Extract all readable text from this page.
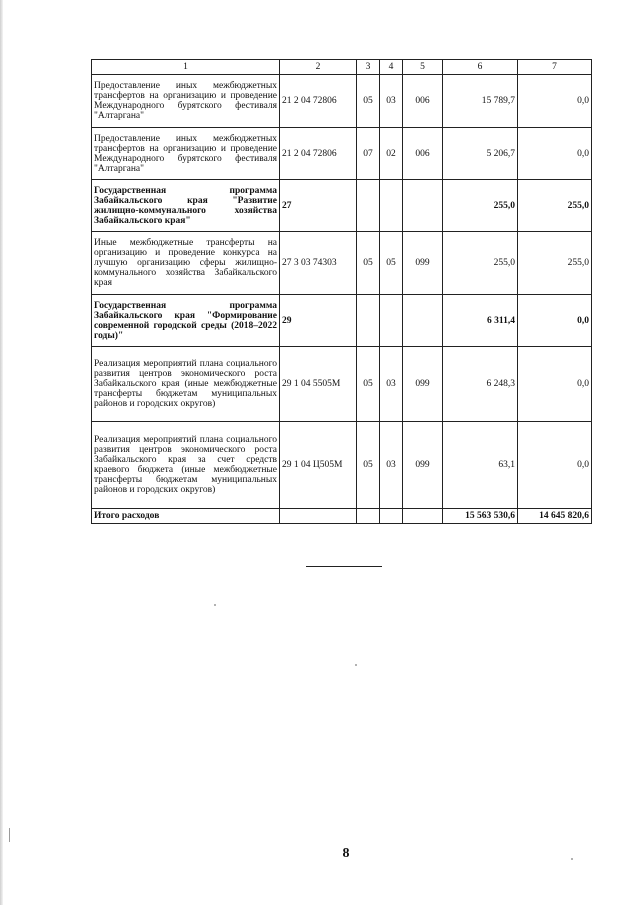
1	2	3	4	5	6	7
Предоставление иных межбюджетных трансфертов на организацию и проведение Международного бурятского фестиваля "Алтаргана"	21 2 04 72806	05	03	006	15 789,7	0,0
Предоставление иных межбюджетных трансфертов на организацию и проведение Международного бурятского фестиваля "Алтаргана"	21 2 04 72806	07	02	006	5 206,7	0,0
Государственная программа Забайкальского края "Развитие жилищно-коммунального хозяйства Забайкальского края"	27				255,0	255,0
Иные межбюджетные трансферты на организацию и проведение конкурса на лучшую организацию сферы жилищно-коммунального хозяйства Забайкальского края	27 3 03 74303	05	05	099	255,0	255,0
Государственная программа Забайкальского края "Формирование современной городской среды (2018–2022 годы)"	29				6 311,4	0,0
Реализация мероприятий плана социального развития центров экономического роста Забайкальского края (иные межбюджетные трансферты бюджетам муниципальных районов и городских округов)	29 1 04 5505M	05	03	099	6 248,3	0,0
Реализация мероприятий плана социального развития центров экономического роста Забайкальского края за счет средств краевого бюджета (иные межбюджетные трансферты бюджетам муниципальных районов и городских округов)	29 1 04 Ц505M	05	03	099	63,1	0,0
Итого расходов					15 563 530,6	14 645 820,6
8
